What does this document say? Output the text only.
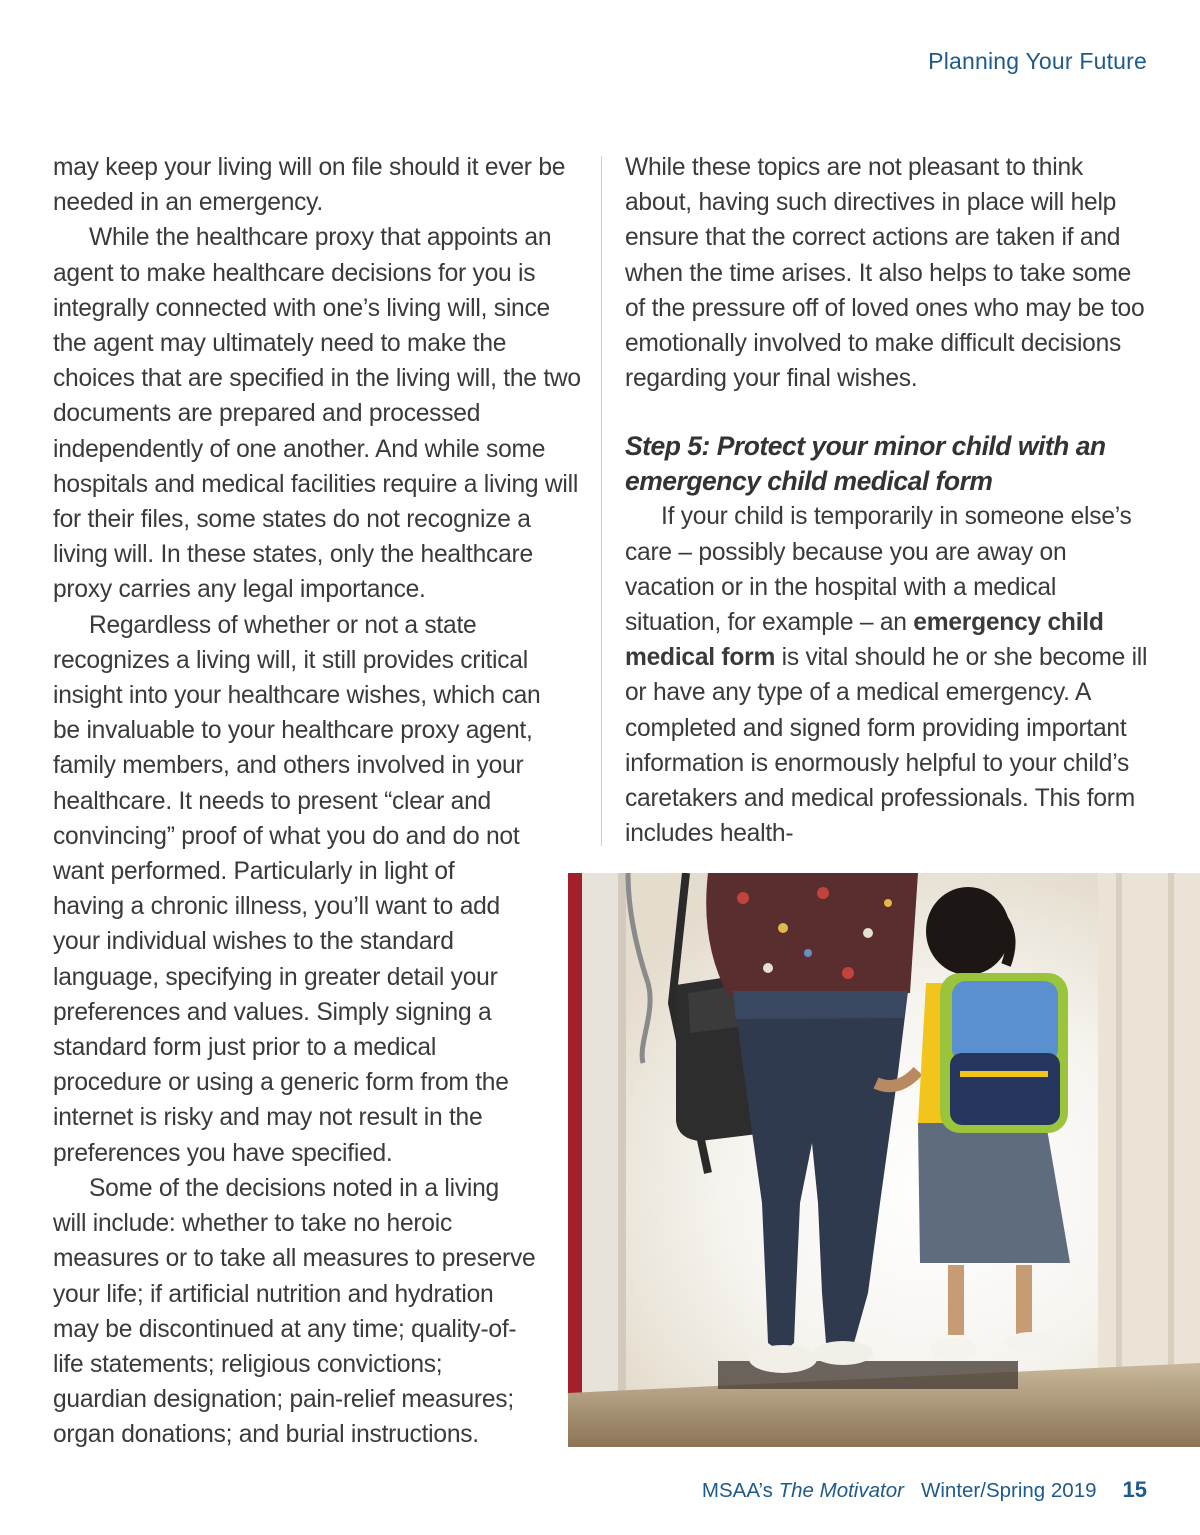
Planning Your Future

may keep your living will on file should it ever be needed in an emergency.

While the healthcare proxy that appoints an agent to make healthcare decisions for you is integrally connected with one’s living will, since the agent may ultimately need to make the choices that are specified in the living will, the two documents are prepared and processed independently of one another. And while some hospitals and medical facilities require a living will for their files, some states do not recognize a living will. In these states, only the healthcare proxy carries any legal importance.

Regardless of whether or not a state
recognizes a living will, it still provides critical
insight into your healthcare wishes, which can
be invaluable to your healthcare proxy agent,
family members, and others involved in your
healthcare. It needs to present “clear and
convincing” proof of what you do and do not
want performed. Particularly in light of
having a chronic illness, you’ll want to add
your individual wishes to the standard
language, specifying in greater detail your
preferences and values. Simply signing a
standard form just prior to a medical
procedure or using a generic form from the
internet is risky and may not result in the
preferences you have specified.
Some of the decisions noted in a living
will include: whether to take no heroic
measures or to take all measures to preserve
your life; if artificial nutrition and hydration
may be discontinued at any time; quality-of-
life statements; religious convictions;
guardian designation; pain-relief measures;
organ donations; and burial instructions.

While these topics are not pleasant to think about, having such directives in place will help ensure that the correct actions are taken if and when the time arises. It also helps to take some of the pressure off of loved ones who may be too emotionally involved to make difficult decisions regarding your final wishes.

Step 5: Protect your minor child with an emergency child medical form

If your child is temporarily in someone else’s care – possibly because you are away on vacation or in the hospital with a medical situation, for example – an emergency child medical form is vital should he or she become ill or have any type of a medical emergency. A completed and signed form providing important information is enormously helpful to your child’s caretakers and medical professionals. This form includes health-

MSAA’s The Motivator Winter/Spring 2019 15
